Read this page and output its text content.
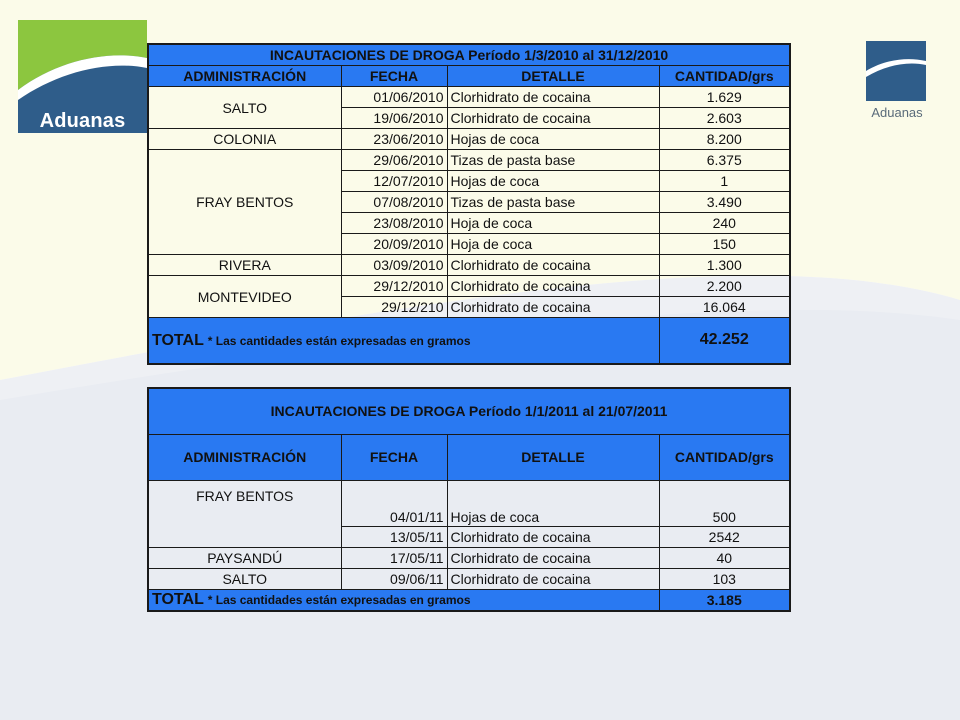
Aduanas	Aduanas
INCAUTACIONES DE DROGA Período 1/3/2010 al 31/12/2010			
ADMINISTRACIÓN	FECHA	DETALLE	CANTIDAD/grs
SALTO	01/06/2010	Clorhidrato de cocaina	1.629
	19/06/2010	Clorhidrato de cocaina	2.603
COLONIA	23/06/2010	Hojas de coca	8.200
FRAY BENTOS	29/06/2010	Tizas de pasta base	6.375
	12/07/2010	Hojas de coca	1
	07/08/2010	Tizas de pasta base	3.490
	23/08/2010	Hoja de coca	240
	20/09/2010	Hoja de coca	150
RIVERA	03/09/2010	Clorhidrato de cocaina	1.300
MONTEVIDEO	29/12/2010	Clorhidrato de cocaina	2.200
	29/12/210	Clorhidrato de cocaina	16.064
TOTAL * Las cantidades están expresadas en gramos			42.252
INCAUTACIONES DE DROGA Período 1/1/2011 al 21/07/2011			
ADMINISTRACIÓN	FECHA	DETALLE	CANTIDAD/grs
FRAY BENTOS	04/01/11	Hojas de coca	500
	13/05/11	Clorhidrato de cocaina	2542
PAYSANDÚ	17/05/11	Clorhidrato de cocaina	40
SALTO	09/06/11	Clorhidrato de cocaina	103
TOTAL * Las cantidades están expresadas en gramos			3.185
